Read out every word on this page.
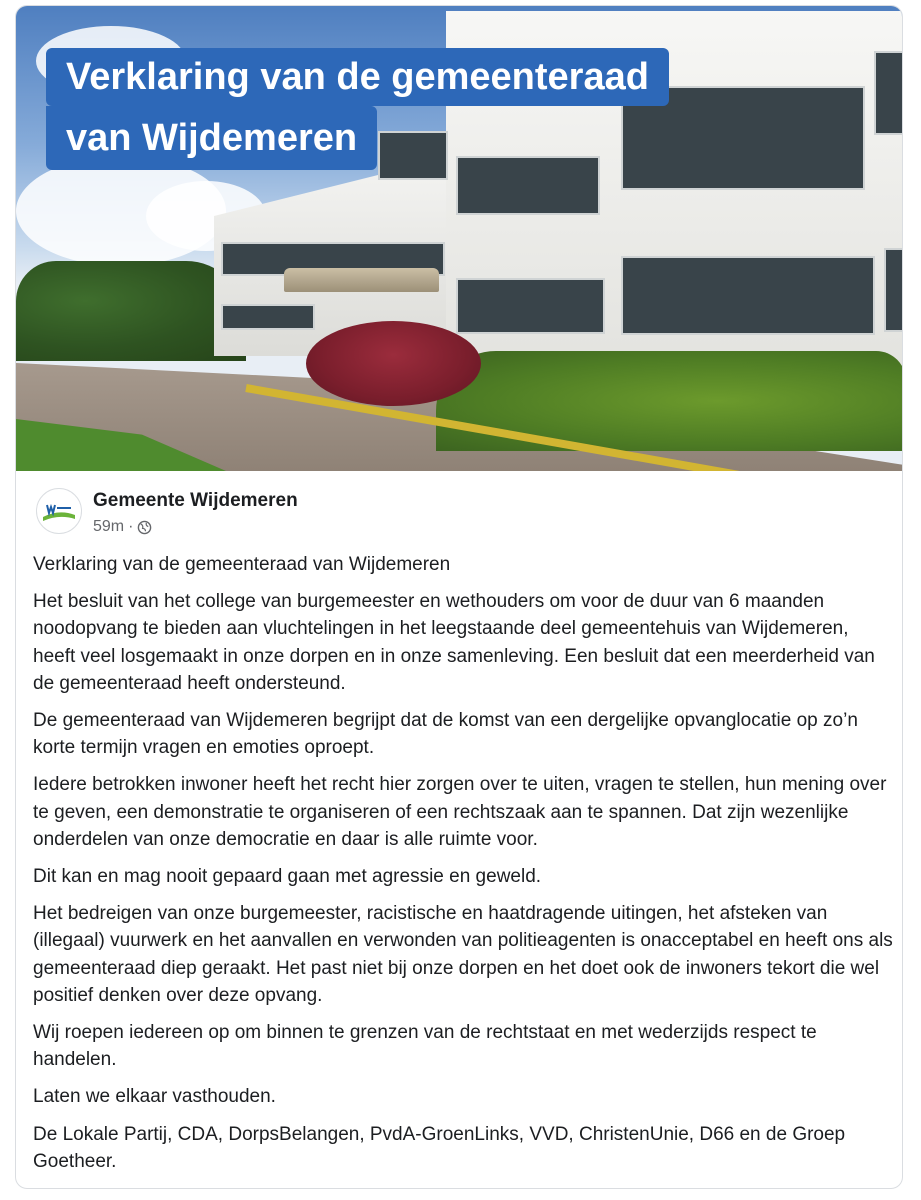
Verklaring van de gemeenteraad
van Wijdemeren
Gemeente Wijdemeren
59m ·

Verklaring van de gemeenteraad van Wijdemeren

Het besluit van het college van burgemeester en wethouders om voor de duur van 6 maanden noodopvang te bieden aan vluchtelingen in het leegstaande deel gemeentehuis van Wijdemeren, heeft veel losgemaakt in onze dorpen en in onze samenleving. Een besluit dat een meerderheid van de gemeenteraad heeft ondersteund.

De gemeenteraad van Wijdemeren begrijpt dat de komst van een dergelijke opvanglocatie op zo’n korte termijn vragen en emoties oproept.

Iedere betrokken inwoner heeft het recht hier zorgen over te uiten, vragen te stellen, hun mening over te geven, een demonstratie te organiseren of een rechtszaak aan te spannen. Dat zijn wezenlijke onderdelen van onze democratie en daar is alle ruimte voor.

Dit kan en mag nooit gepaard gaan met agressie en geweld.

Het bedreigen van onze burgemeester, racistische en haatdragende uitingen, het afsteken van (illegaal) vuurwerk en het aanvallen en verwonden van politieagenten is onacceptabel en heeft ons als gemeenteraad diep geraakt. Het past niet bij onze dorpen en het doet ook de inwoners tekort die wel positief denken over deze opvang.

Wij roepen iedereen op om binnen te grenzen van de rechtstaat en met wederzijds respect te handelen.

Laten we elkaar vasthouden.

De Lokale Partij, CDA, DorpsBelangen, PvdA-GroenLinks, VVD, ChristenUnie, D66 en de Groep Goetheer.
